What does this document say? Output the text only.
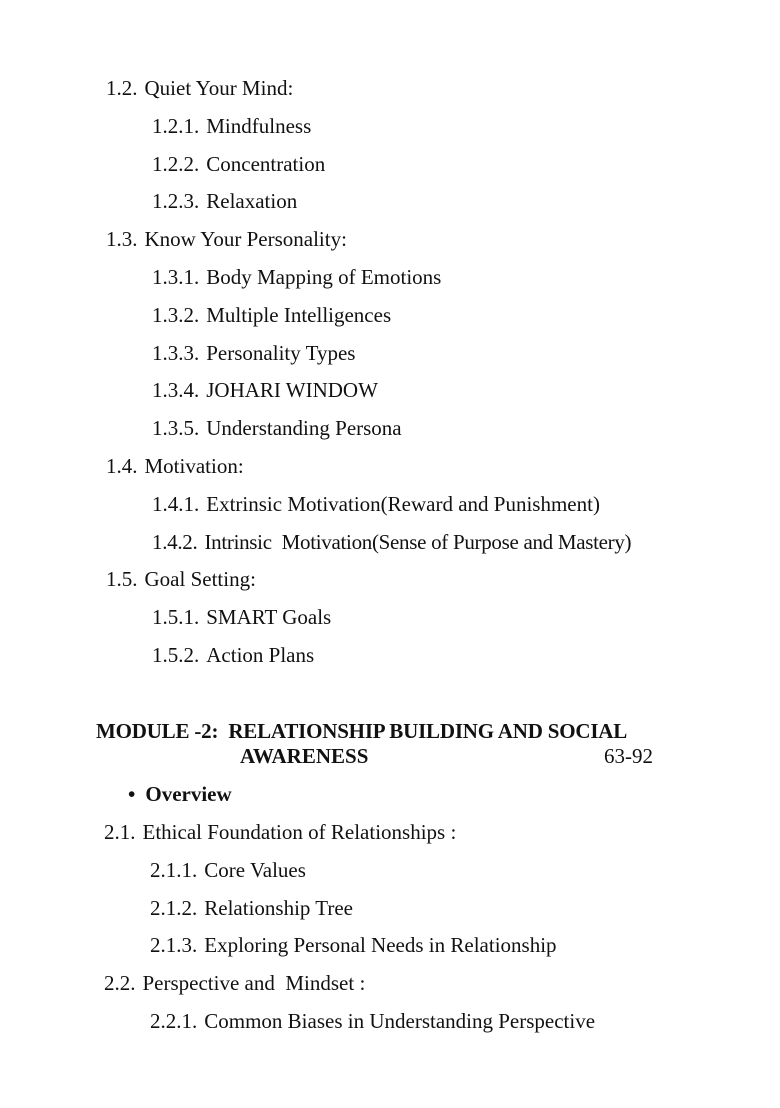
1.2. Quiet Your Mind:
1.2.1. Mindfulness
1.2.2. Concentration
1.2.3. Relaxation
1.3. Know Your Personality:
1.3.1. Body Mapping of Emotions
1.3.2. Multiple Intelligences
1.3.3. Personality Types
1.3.4. JOHARI WINDOW
1.3.5. Understanding Persona
1.4. Motivation:
1.4.1. Extrinsic Motivation(Reward and Punishment)
1.4.2. Intrinsic  Motivation(Sense of Purpose and Mastery)
1.5. Goal Setting:
1.5.1. SMART Goals
1.5.2. Action Plans
MODULE -2:  RELATIONSHIP BUILDING AND SOCIAL
AWARENESS	63-92
• Overview
2.1. Ethical Foundation of Relationships :
2.1.1. Core Values
2.1.2. Relationship Tree
2.1.3. Exploring Personal Needs in Relationship
2.2. Perspective and  Mindset :
2.2.1. Common Biases in Understanding Perspective
